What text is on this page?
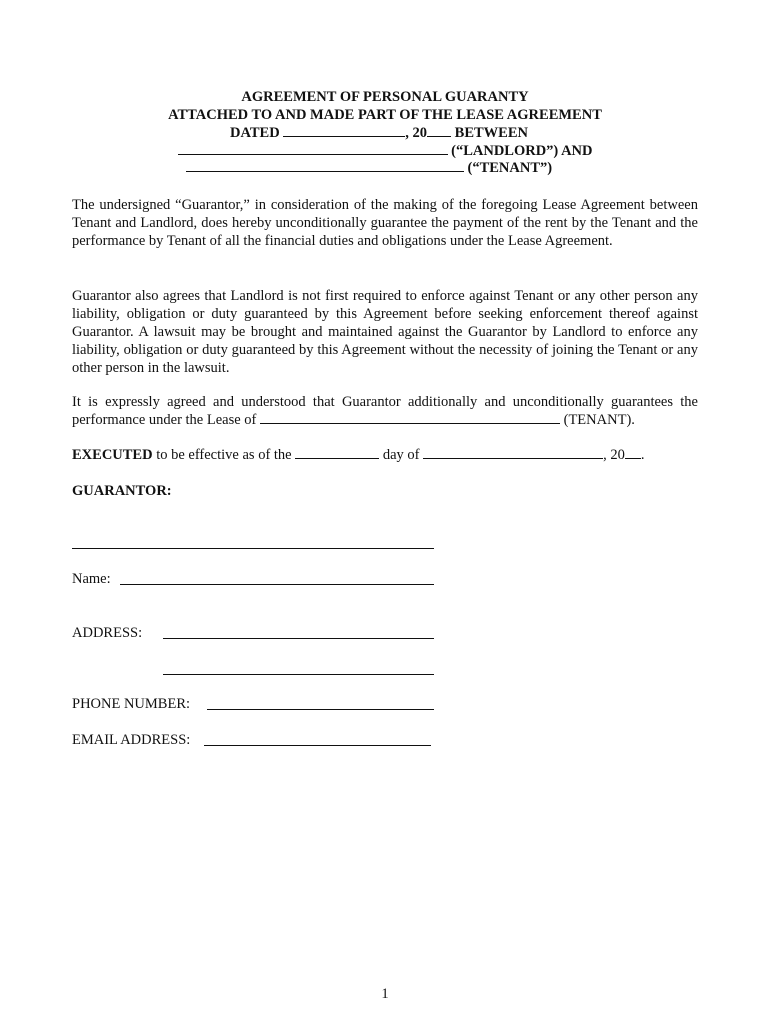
AGREEMENT OF PERSONAL GUARANTY
ATTACHED TO AND MADE PART OF THE LEASE AGREEMENT
DATED	, 20 BETWEEN
(“LANDLORD”) AND
(“TENANT”)

The undersigned “Guarantor,” in consideration of the making of the foregoing Lease Agreement between Tenant and Landlord, does hereby unconditionally guarantee the payment of the rent by the Tenant and the performance by Tenant of all the financial duties and obligations under the Lease Agreement.

Guarantor also agrees that Landlord is not first required to enforce against Tenant or any other person any liability, obligation or duty guaranteed by this Agreement before seeking enforcement thereof against Guarantor. A lawsuit may be brought and maintained against the Guarantor by Landlord to enforce any liability, obligation or duty guaranteed by this Agreement without the necessity of joining the Tenant or any other person in the lawsuit.

It is expressly agreed and understood that Guarantor additionally and unconditionally guarantees the performance under the Lease of	(TENANT).

EXECUTED to be effective as of the	day of	, 20 .
GUARANTOR:
Name:
ADDRESS:
PHONE NUMBER:
EMAIL ADDRESS:
1
